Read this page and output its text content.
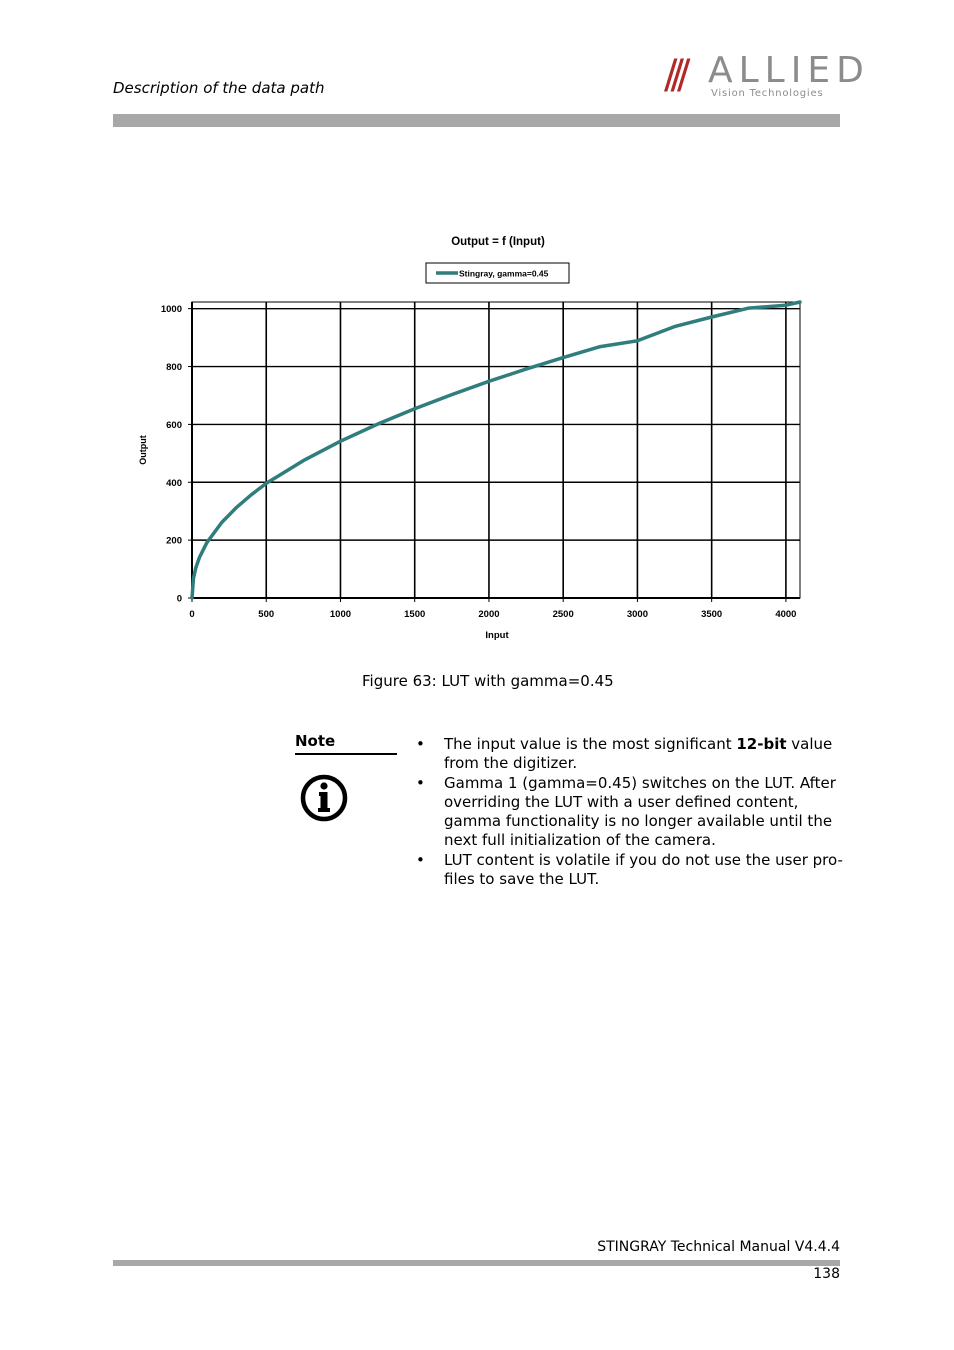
Description of the data path	/// ALLIED
Vision Technologies
Output = f (Input)
Stingray, gamma=0.45
0	500	1000	1500	2000	2500	3000	3500	4000
0
200
400
600
800
1000
Input
Output
Figure 63: LUT with gamma=0.45
Note
•	The input value is the most significant 12-bit value from the digitizer.
• Gamma 1 (gamma=0.45) switches on the LUT. After overriding the LUT with a user defined content, gamma functionality is no longer available until the next full initialization of the camera.
• LUT content is volatile if you do not use the user pro-files to save the LUT.
STINGRAY Technical Manual V4.4.4
138
